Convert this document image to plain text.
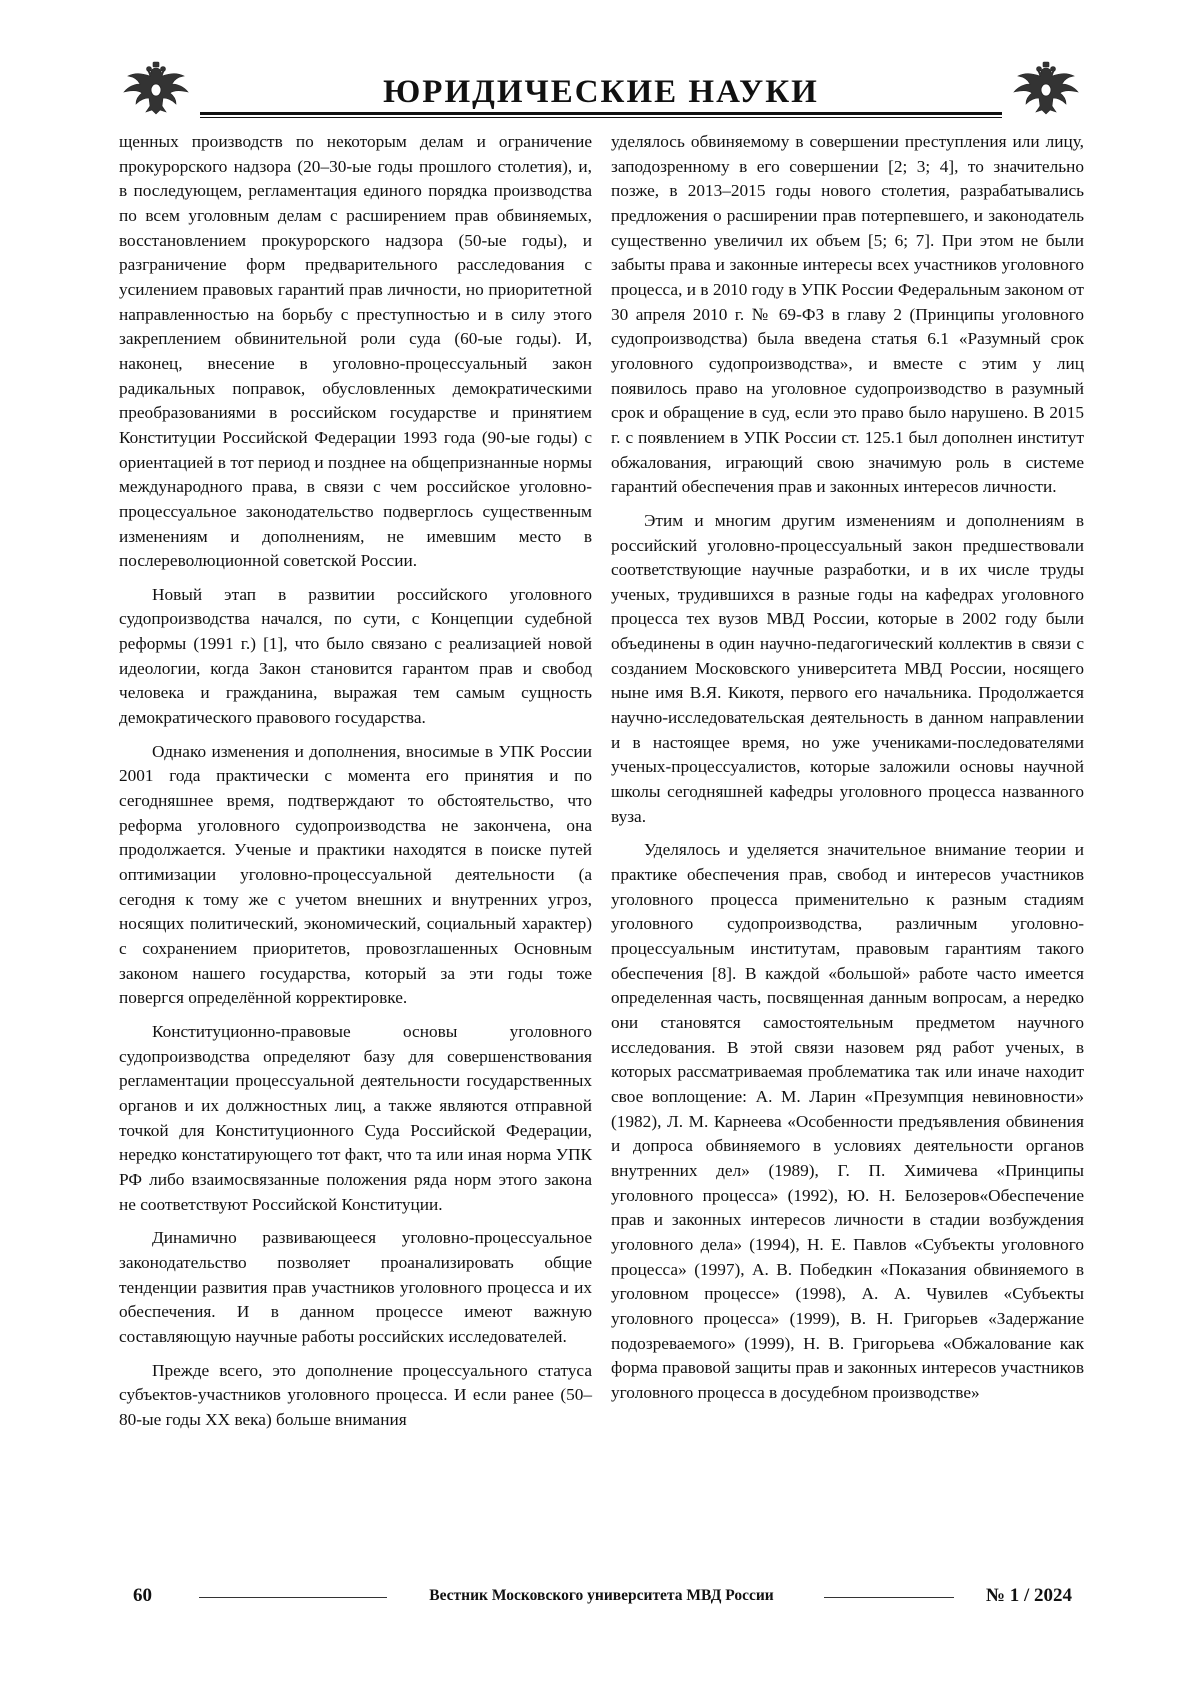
ЮРИДИЧЕСКИЕ НАУКИ

щенных производств по некоторым делам и ограничение прокурорского надзора (20–30-ые годы прошлого столетия), и, в последующем, регламентация единого порядка производства по всем уголовным делам с расширением прав обвиняемых, восстановлением прокурорского надзора (50-ые годы), и разграничение форм предварительного расследования с усилением правовых гарантий прав личности, но приоритетной направленностью на борьбу с преступностью и в силу этого закреплением обвинительной роли суда (60-ые годы). И, наконец, внесение в уголовно-процессуальный закон радикальных поправок, обусловленных демократическими преобразованиями в российском государстве и принятием Конституции Российской Федерации 1993 года (90-ые годы) с ориентацией в тот период и позднее на общепризнанные нормы международного права, в связи с чем российское уголовно-процессуальное законодательство подверглось существенным изменениям и дополнениям, не имевшим место в послереволюционной советской России.

Новый этап в развитии российского уголовного судопроизводства начался, по сути, с Концепции судебной реформы (1991 г.) [1], что было связано с реализацией новой идеологии, когда Закон становится гарантом прав и свобод человека и гражданина, выражая тем самым сущность демократического правового государства.

Однако изменения и дополнения, вносимые в УПК России 2001 года практически с момента его принятия и по сегодняшнее время, подтверждают то обстоятельство, что реформа уголовного судопроизводства не закончена, она продолжается. Ученые и практики находятся в поиске путей оптимизации уголовно-процессуальной деятельности (а сегодня к тому же с учетом внешних и внутренних угроз, носящих политический, экономический, социальный характер) с сохранением приоритетов, провозглашенных Основным законом нашего государства, который за эти годы тоже повергся определённой корректировке.

Конституционно-правовые основы уголовного судопроизводства определяют базу для совершенствования регламентации процессуальной деятельности государственных органов и их должностных лиц, а также являются отправной точкой для Конституционного Суда Российской Федерации, нередко констатирующего тот факт, что та или иная норма УПК РФ либо взаимосвязанные положения ряда норм этого закона не соответствуют Российской Конституции.

Динамично развивающееся уголовно-процессуальное законодательство позволяет проанализировать общие тенденции развития прав участников уголовного процесса и их обеспечения. И в данном процессе имеют важную составляющую научные работы российских исследователей.

Прежде всего, это дополнение процессуального статуса субъектов-участников уголовного процесса. И если ранее (50–80-ые годы XX века) больше внимания

уделялось обвиняемому в совершении преступления или лицу, заподозренному в его совершении [2; 3; 4], то значительно позже, в 2013–2015 годы нового столетия, разрабатывались предложения о расширении прав потерпевшего, и законодатель существенно увеличил их объем [5; 6; 7]. При этом не были забыты права и законные интересы всех участников уголовного процесса, и в 2010 году в УПК России Федеральным законом от 30 апреля 2010 г. № 69-ФЗ в главу 2 (Принципы уголовного судопроизводства) была введена статья 6.1 «Разумный срок уголовного судопроизводства», и вместе с этим у лиц появилось право на уголовное судопроизводство в разумный срок и обращение в суд, если это право было нарушено. В 2015 г. с появлением в УПК России ст. 125.1 был дополнен институт обжалования, играющий свою значимую роль в системе гарантий обеспечения прав и законных интересов личности.

Этим и многим другим изменениям и дополнениям в российский уголовно-процессуальный закон предшествовали соответствующие научные разработки, и в их числе труды ученых, трудившихся в разные годы на кафедрах уголовного процесса тех вузов МВД России, которые в 2002 году были объединены в один научно-педагогический коллектив в связи с созданием Московского университета МВД России, носящего ныне имя В.Я. Кикотя, первого его начальника. Продолжается научно-исследовательская деятельность в данном направлении и в настоящее время, но уже учениками-последователями ученых-процессуалистов, которые заложили основы научной школы сегодняшней кафедры уголовного процесса названного вуза.

Уделялось и уделяется значительное внимание теории и практике обеспечения прав, свобод и интересов участников уголовного процесса применительно к разным стадиям уголовного судопроизводства, различным уголовно-процессуальным институтам, правовым гарантиям такого обеспечения [8]. В каждой «большой» работе часто имеется определенная часть, посвященная данным вопросам, а нередко они становятся самостоятельным предметом научного исследования. В этой связи назовем ряд работ ученых, в которых рассматриваемая проблематика так или иначе находит свое воплощение: А. М. Ларин «Презумпция невиновности» (1982), Л. М. Карнеева «Особенности предъявления обвинения и допроса обвиняемого в условиях деятельности органов внутренних дел» (1989), Г. П. Химичева «Принципы уголовного процесса» (1992), Ю. Н. Белозеров«Обеспечение прав и законных интересов личности в стадии возбуждения уголовного дела» (1994), Н. Е. Павлов «Субъекты уголовного процесса» (1997), А. В. Победкин «Показания обвиняемого в уголовном процессе» (1998), А. А. Чувилев «Субъекты уголовного процесса» (1999), В. Н. Григорьев «Задержание подозреваемого» (1999), Н. В. Григорьева «Обжалование как форма правовой защиты прав и законных интересов участников уголовного процесса в досудебном производстве»

60	Вестник Московского университета МВД России	№ 1 / 2024
